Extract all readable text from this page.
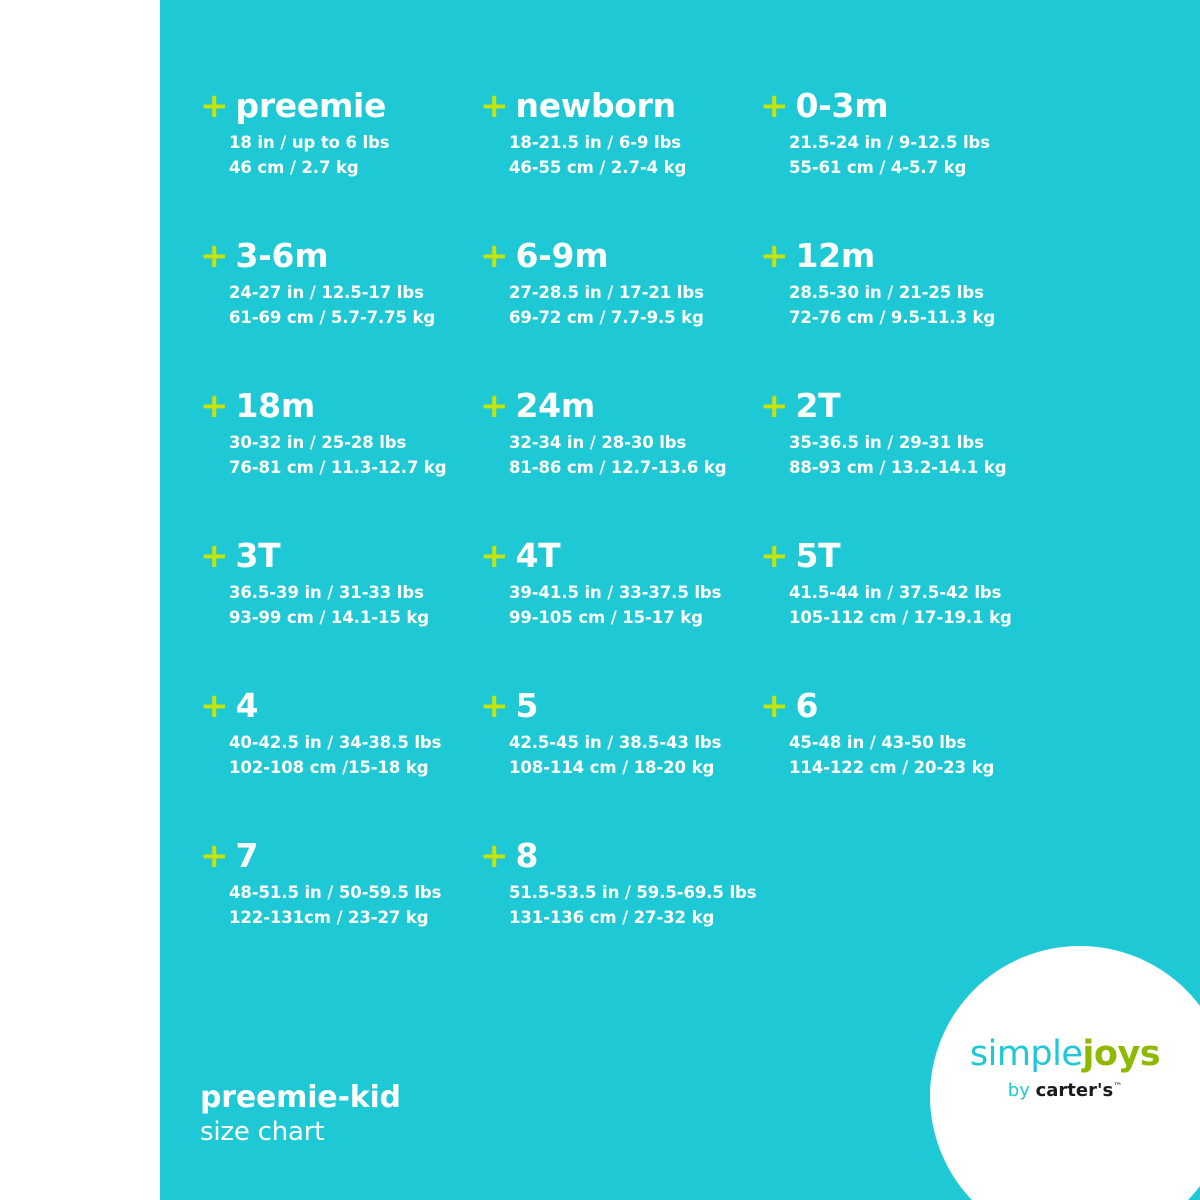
+ preemie
18 in / up to 6 lbs
46 cm / 2.7 kg
+ newborn
18-21.5 in / 6-9 lbs
46-55 cm / 2.7-4 kg
+ 0-3m
21.5-24 in / 9-12.5 lbs
55-61 cm / 4-5.7 kg
+ 3-6m
24-27 in / 12.5-17 lbs
61-69 cm / 5.7-7.75 kg
+ 6-9m
27-28.5 in / 17-21 lbs
69-72 cm / 7.7-9.5 kg
+ 12m
28.5-30 in / 21-25 lbs
72-76 cm / 9.5-11.3 kg
+ 18m
30-32 in / 25-28 lbs
76-81 cm / 11.3-12.7 kg
+ 24m
32-34 in / 28-30 lbs
81-86 cm / 12.7-13.6 kg
+ 2T
35-36.5 in / 29-31 lbs
88-93 cm / 13.2-14.1 kg
+ 3T
36.5-39 in / 31-33 lbs
93-99 cm / 14.1-15 kg
+ 4T
39-41.5 in / 33-37.5 lbs
99-105 cm / 15-17 kg
+ 5T
41.5-44 in / 37.5-42 lbs
105-112 cm / 17-19.1 kg
+ 4
40-42.5 in / 34-38.5 lbs
102-108 cm /15-18 kg
+ 5
42.5-45 in / 38.5-43 lbs
108-114 cm / 18-20 kg
+ 6
45-48 in / 43-50 lbs
114-122 cm / 20-23 kg
+ 7
48-51.5 in / 50-59.5 lbs
122-131cm / 23-27 kg
+ 8
51.5-53.5 in / 59.5-69.5 lbs
131-136 cm / 27-32 kg
preemie-kid
size chart
simplejoys
by carter's™
